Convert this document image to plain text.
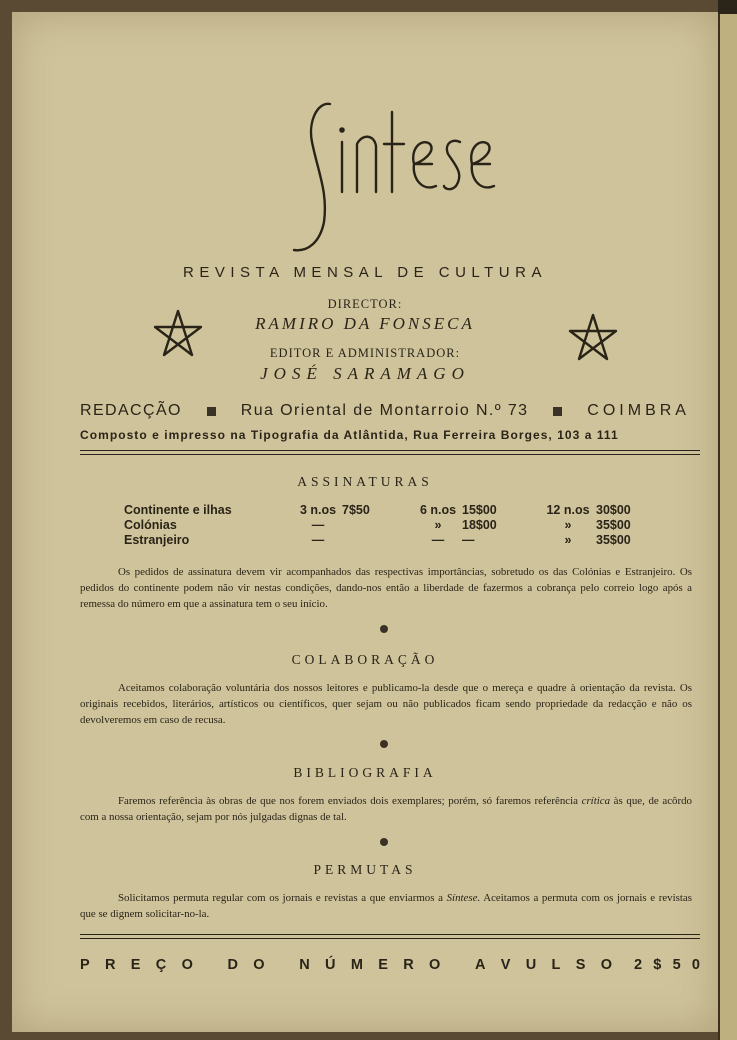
REVISTA MENSAL DE CULTURA
DIRECTOR:
RAMIRO DA FONSECA
EDITOR E ADMINISTRADOR:
JOSÉ SARAMAGO
REDACÇÃO	Rua Oriental de Montarroio N.º 73	COIMBRA
Composto e impresso na Tipografia da Atlântida, Rua Ferreira Borges, 103 a 111
ASSINATURAS
Continente e ilhas	3 n.os	7$50	6 n.os	15$00	12 n.os	30$00
Colónias	—		»	18$00	»	35$00
Estranjeiro	—		—	—	»	35$00

Os pedidos de assinatura devem vir acompanhados das respectivas importâncias, sobretudo os das Colónias e Estranjeiro. Os pedidos do continente podem não vir nestas condições, dando-nos então a liberdade de fazermos a cobrança pelo correio logo após a remessa do número em que a assinatura tem o seu início.

COLABORAÇÃO

Aceitamos colaboração voluntária dos nossos leitores e publicamo-la desde que o mereça e quadre à orientação da revista. Os originais recebidos, literários, artísticos ou científicos, quer sejam ou não publicados ficam sendo propriedade da redacção e não os devolveremos em caso de recusa.

BIBLIOGRAFIA

Faremos referência às obras de que nos forem enviados dois exemplares; porém, só faremos referência crítica às que, de acôrdo com a nossa orientação, sejam por nós julgadas dignas de tal.

PERMUTAS

Solicitamos permuta regular com os jornais e revistas a que enviarmos a Síntese. Aceitamos a permuta com os jornais e revistas que se dignem solicitar-no-la.

P R E Ç O
D O
N Ú M E R O
A V U L S O 2 $ 5 0
